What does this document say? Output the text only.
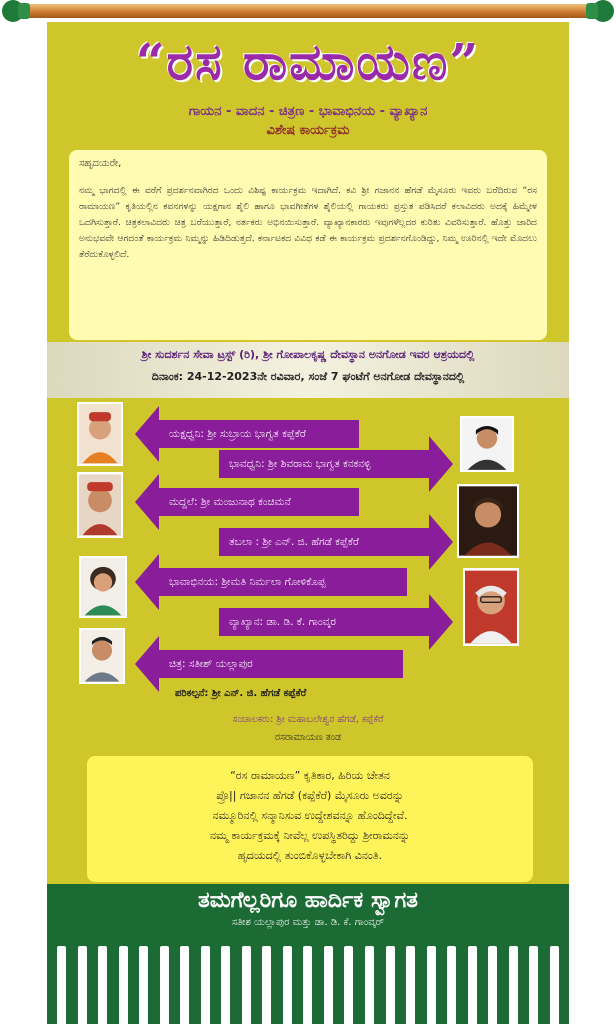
“ರಸ ರಾಮಾಯಣ”
ಗಾಯನ - ವಾದನ - ಚಿತ್ರಣ - ಭಾವಾಭಿನಯ - ವ್ಯಾಖ್ಯಾನ
ವಿಶೇಷ ಕಾರ್ಯಕ್ರಮ
ಸಹೃದಯರೇ,
ನಮ್ಮ ಭಾಗದಲ್ಲಿ ಈ ವರೆಗೆ ಪ್ರದರ್ಶನವಾಗಿರದ ಒಂದು ವಿಶಿಷ್ಟ ಕಾರ್ಯಕ್ರಮ ಇದಾಗಿದೆ. ಕವಿ ಶ್ರೀ ಗಜಾನನ ಹೆಗಡೆ ಮೈಸೂರು ಇವರು ಬರೆದಿರುವ “ರಸ ರಾಮಾಯಣ” ಕೃತಿಯಲ್ಲಿನ ಕವನಗಳನ್ನು ಯಕ್ಷಗಾನ ಶೈಲಿ ಹಾಗೂ ಭಾವಗೀತೆಗಳ ಶೈಲಿಯಲ್ಲಿ ಗಾಯಕರು ಪ್ರಸ್ತುತ ಪಡಿಸಿದರೆ ಕಲಾವಿದರು ಅದಕ್ಕೆ ಹಿಮ್ಮೇಳ ಒದಗಿಸುತ್ತಾರೆ. ಚಿತ್ರಕಲಾವಿದರು ಚಿತ್ರ ಬರೆಯುತ್ತಾರೆ, ನರ್ತಕರು ಅಭಿನಯಿಸುತ್ತಾರೆ. ವ್ಯಾಖ್ಯಾನಕಾರರು ಇವುಗಳೆಲ್ಲದರ ಕುರಿತು ವಿವರಿಸುತ್ತಾರೆ. ಹೊತ್ತು ಜಾರಿದ ಅನುಭವವೇ ಆಗದಂತೆ ಕಾರ್ಯಕ್ರಮ ನಿಮ್ಮನ್ನು ಹಿಡಿದಿಡುತ್ತದೆ. ಕರ್ನಾಟಕದ ವಿವಿಧ ಕಡೆ ಈ ಕಾರ್ಯಕ್ರಮ ಪ್ರದರ್ಶನಗೊಂಡಿದ್ದು, ನಿಮ್ಮ ಊರಿನಲ್ಲಿ ಇದೇ ಮೊದಲು ತೆರೆದುಕೊಳ್ಳಲಿದೆ.
ಶ್ರೀ ಸುದರ್ಶನ ಸೇವಾ ಟ್ರಸ್ಟ್ (ರಿ), ಶ್ರೀ ಗೋಪಾಲಕೃಷ್ಣ ದೇವಸ್ಥಾನ ಅನಗೋಡ ಇವರ ಆಶ್ರಯದಲ್ಲಿ
ದಿನಾಂಕ: 24-12-2023ನೇ ರವಿವಾರ, ಸಂಜೆ 7 ಘಂಟೆಗೆ ಅನಗೋಡ ದೇವಸ್ಥಾನದಲ್ಲಿ
ಯಕ್ಷಧ್ವನಿ: ಶ್ರೀ ಸುಬ್ರಾಯ ಭಾಗ್ವತ ಕಪ್ಪೆಕೆರೆ
ಭಾವಧ್ವನಿ: ಶ್ರೀ ಶಿವರಾಮ ಭಾಗ್ವತ ಕನಕನಳ್ಳಿ
ಮದ್ದಲೆ: ಶ್ರೀ ಮಂಜುನಾಥ ಕಂಚಿಮನೆ
ತಬಲಾ : ಶ್ರೀ ಎನ್. ಜಿ. ಹೆಗಡೆ ಕಪ್ಪೆಕೆರೆ
ಭಾವಾಭಿನಯ: ಶ್ರೀಮತಿ ನಿರ್ಮಲಾ ಗೋಳಿಕೊಪ್ಪ
ವ್ಯಾಖ್ಯಾನ: ಡಾ. ಡಿ. ಕೆ. ಗಾಂವ್ಕರ
ಚಿತ್ರ: ಸತೀಶ್ ಯಲ್ಲಾಪುರ
ಪರಿಕಲ್ಪನೆ: ಶ್ರೀ ಎನ್. ಜಿ. ಹೆಗಡೆ ಕಪ್ಪೆಕೆರೆ
ಸಂಚಾಲಕರು: ಶ್ರೀ ಮಹಾಬಲೇಶ್ವರ ಹೆಗಡೆ, ಕಪ್ಪೆಕೆರೆ
ರಸರಾಮಾಯಣ ತಂಡ

“ರಸ ರಾಮಾಯಣ” ಕೃತಿಕಾರ, ಹಿರಿಯ ಚೇತನ

ಪ್ರೊ|| ಗಜಾನನ ಹೆಗಡೆ (ಕಪ್ಪೆಕೆರೆ) ಮೈಸೂರು ಅವರನ್ನು

ನಮ್ಮೂರಿನಲ್ಲಿ ಸನ್ಮಾನಿಸುವ ಉದ್ದೇಶವನ್ನೂ ಹೊಂದಿದ್ದೇವೆ.

ನಮ್ಮ ಕಾರ್ಯಕ್ರಮಕ್ಕೆ ನೀವೆಲ್ಲ ಉಪಸ್ಥಿತರಿದ್ದು ಶ್ರೀರಾಮನನ್ನು

ಹೃದಯದಲ್ಲಿ ತುಂಬಿಕೊಳ್ಳಬೇಕಾಗಿ ವಿನಂತಿ.

ತಮಗೆಲ್ಲರಿಗೂ ಹಾರ್ದಿಕ ಸ್ವಾಗತ
ಸತೀಶ ಯಲ್ಲಾಪುರ ಮತ್ತು ಡಾ. ಡಿ. ಕೆ. ಗಾಂವ್ಕರ್
